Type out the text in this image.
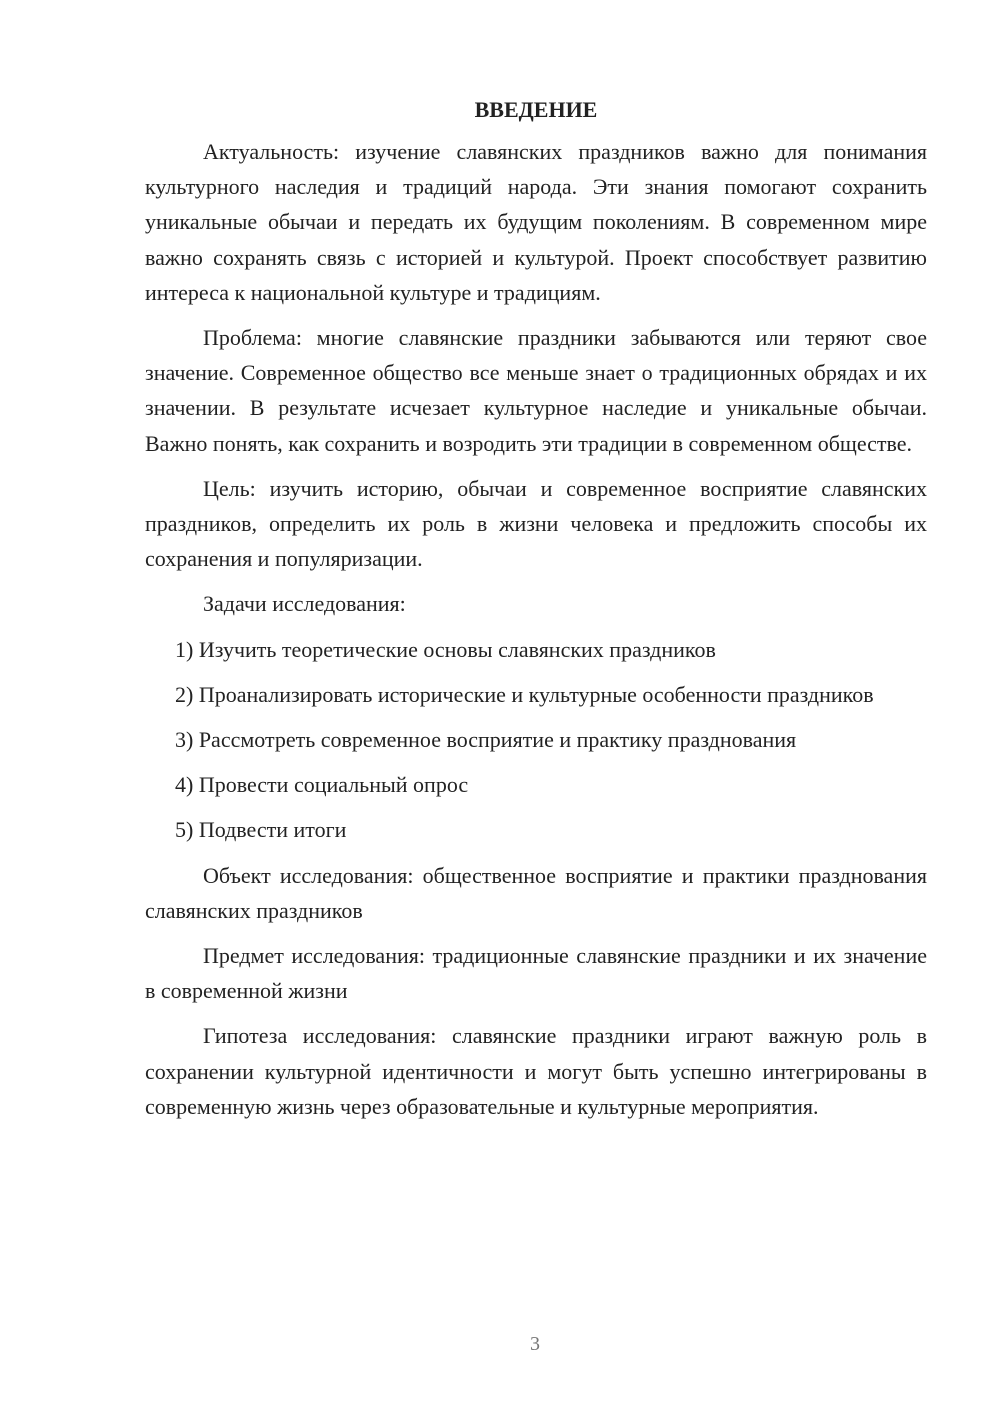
ВВЕДЕНИЕ

Актуальность: изучение славянских праздников важно для понимания культурного наследия и традиций народа. Эти знания помогают сохранить уникальные обычаи и передать их будущим поколениям. В современном мире важно сохранять связь с историей и культурой. Проект способствует развитию интереса к национальной культуре и традициям.

Проблема: многие славянские праздники забываются или теряют свое значение. Современное общество все меньше знает о традиционных обрядах и их значении. В результате исчезает культурное наследие и уникальные обычаи. Важно понять, как сохранить и возродить эти традиции в современном обществе.

Цель: изучить историю, обычаи и современное восприятие славянских праздников, определить их роль в жизни человека и предложить способы их сохранения и популяризации.

Задачи исследования:

1) Изучить теоретические основы славянских праздников

2) Проанализировать исторические и культурные особенности праздников

3) Рассмотреть современное восприятие и практику празднования

4) Провести социальный опрос

5) Подвести итоги

Объект исследования: общественное восприятие и практики празднования славянских праздников

Предмет исследования: традиционные славянские праздники и их значение в современной жизни

Гипотеза исследования: славянские праздники играют важную роль в сохранении культурной идентичности и могут быть успешно интегрированы в современную жизнь через образовательные и культурные мероприятия.

3
